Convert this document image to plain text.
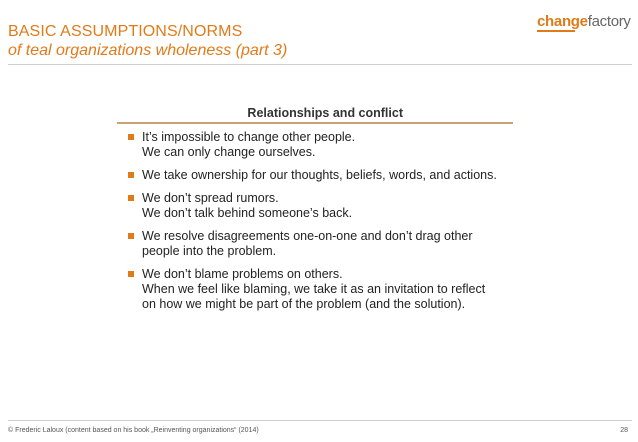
BASIC ASSUMPTIONS/NORMS
of teal organizations wholeness (part 3)
changefactory
Relationships and conflict
It’s impossible to change other people.
We can only change ourselves.
We take ownership for our thoughts, beliefs, words, and actions.
We don’t spread rumors.
We don’t talk behind someone’s back.
We resolve disagreements one-on-one and don’t drag other
people into the problem.
We don’t blame problems on others.
When we feel like blaming, we take it as an invitation to reflect
on how we might be part of the problem (and the solution).
© Frederic Laloux (content based on his book „Reinventing organizations“ (2014)	28
